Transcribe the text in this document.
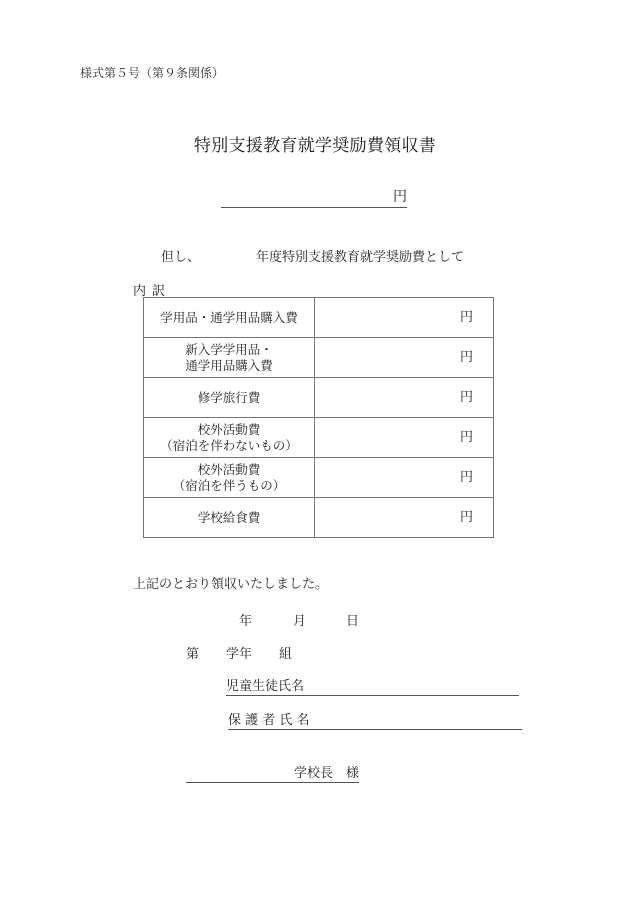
様式第５号（第９条関係）
特別支援教育就学奨励費領収書
円
但し、	年度特別支援教育就学奨励費として
内訳
学用品・通学用品購入費	円

新入学学用品・
通学用品購入費	円

修学旅行費	円

校外活動費
（宿泊を伴わないもの）	円

校外活動費
（宿泊を伴うもの）	円

学校給食費	円
上記のとおり領収いたしました。
年	月	日
第 学年 組
児童生徒氏名
保 護 者 氏 名
学校長　様
